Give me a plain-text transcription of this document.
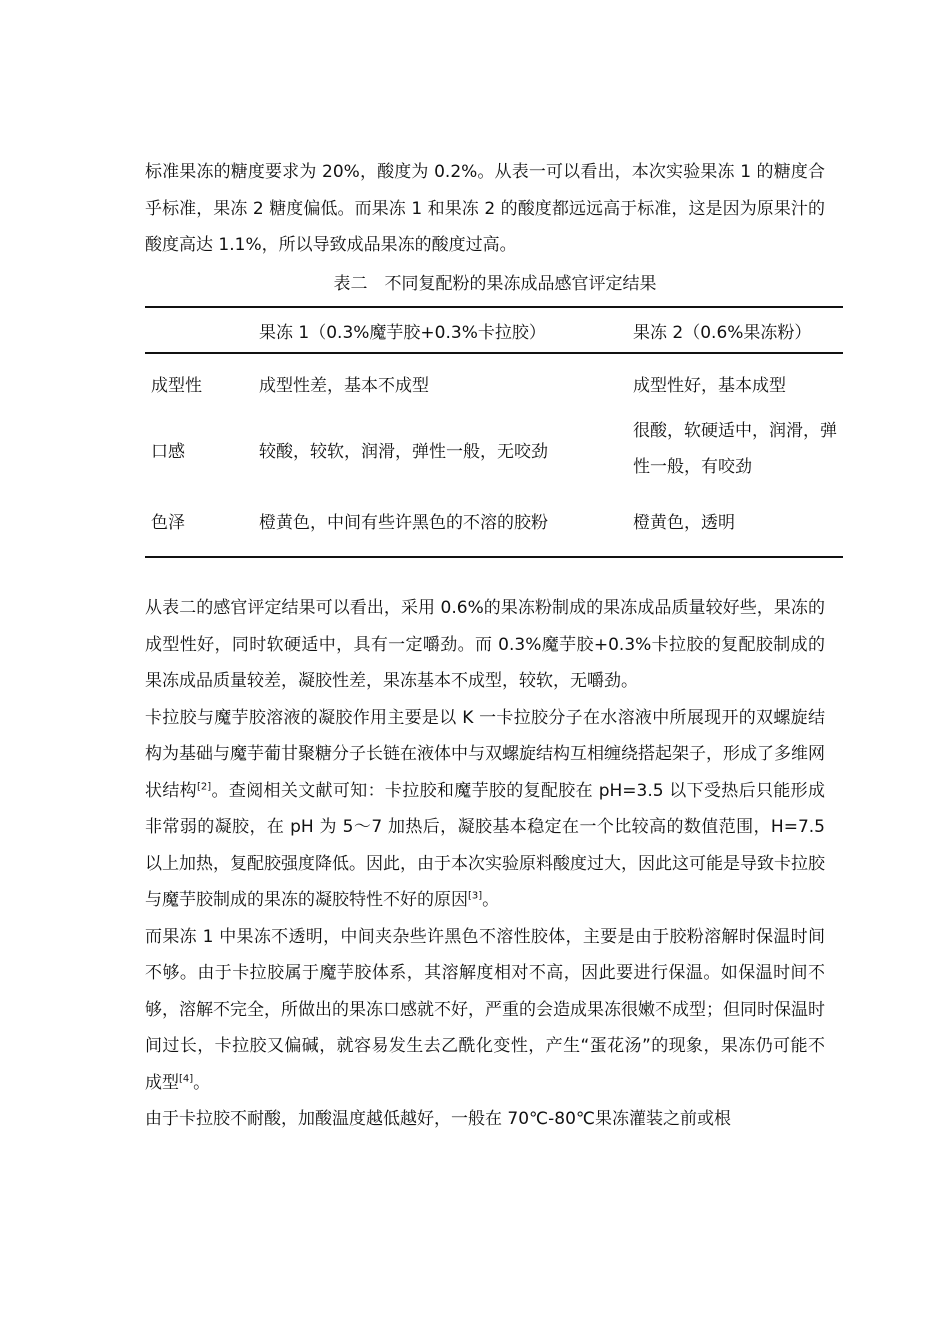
标准果冻的糖度要求为 20%，酸度为 0.2%。从表一可以看出，本次实验果冻 1 的糖度合乎标准，果冻 2 糖度偏低。而果冻 1 和果冻 2 的酸度都远远高于标准，这是因为原果汁的酸度高达 1.1%，所以导致成品果冻的酸度过高。

表二　不同复配粉的果冻成品感官评定结果
	果冻 1（0.3%魔芋胶+0.3%卡拉胶）	果冻 2（0.6%果冻粉）
成型性	成型性差，基本不成型	成型性好，基本成型
口感	较酸，较软，润滑，弹性一般，无咬劲	很酸，软硬适中，润滑，弹性一般，有咬劲
色泽	橙黄色，中间有些许黑色的不溶的胶粉	橙黄色，透明

从表二的感官评定结果可以看出，采用 0.6%的果冻粉制成的果冻成品质量较好些，果冻的成型性好，同时软硬适中，具有一定嚼劲。而 0.3%魔芋胶+0.3%卡拉胶的复配胶制成的果冻成品质量较差，凝胶性差，果冻基本不成型，较软，无嚼劲。

卡拉胶与魔芋胶溶液的凝胶作用主要是以 K 一卡拉胶分子在水溶液中所展现开的双螺旋结构为基础与魔芋葡甘聚糖分子长链在液体中与双螺旋结构互相缠绕搭起架子，形成了多维网状结构[2]。查阅相关文献可知：卡拉胶和魔芋胶的复配胶在 pH=3.5 以下受热后只能形成非常弱的凝胶，在 pH 为 5～7 加热后，凝胶基本稳定在一个比较高的数值范围，H=7.5 以上加热，复配胶强度降低。因此，由于本次实验原料酸度过大，因此这可能是导致卡拉胶与魔芋胶制成的果冻的凝胶特性不好的原因[3]。

而果冻 1 中果冻不透明，中间夹杂些许黑色不溶性胶体，主要是由于胶粉溶解时保温时间不够。由于卡拉胶属于魔芋胶体系，其溶解度相对不高，因此要进行保温。如保温时间不够，溶解不完全，所做出的果冻口感就不好，严重的会造成果冻很嫩不成型；但同时保温时间过长，卡拉胶又偏碱，就容易发生去乙酰化变性，产生“蛋花汤”的现象，果冻仍可能不成型[4]。

由于卡拉胶不耐酸，加酸温度越低越好，一般在 70℃-80℃果冻灌装之前或根
